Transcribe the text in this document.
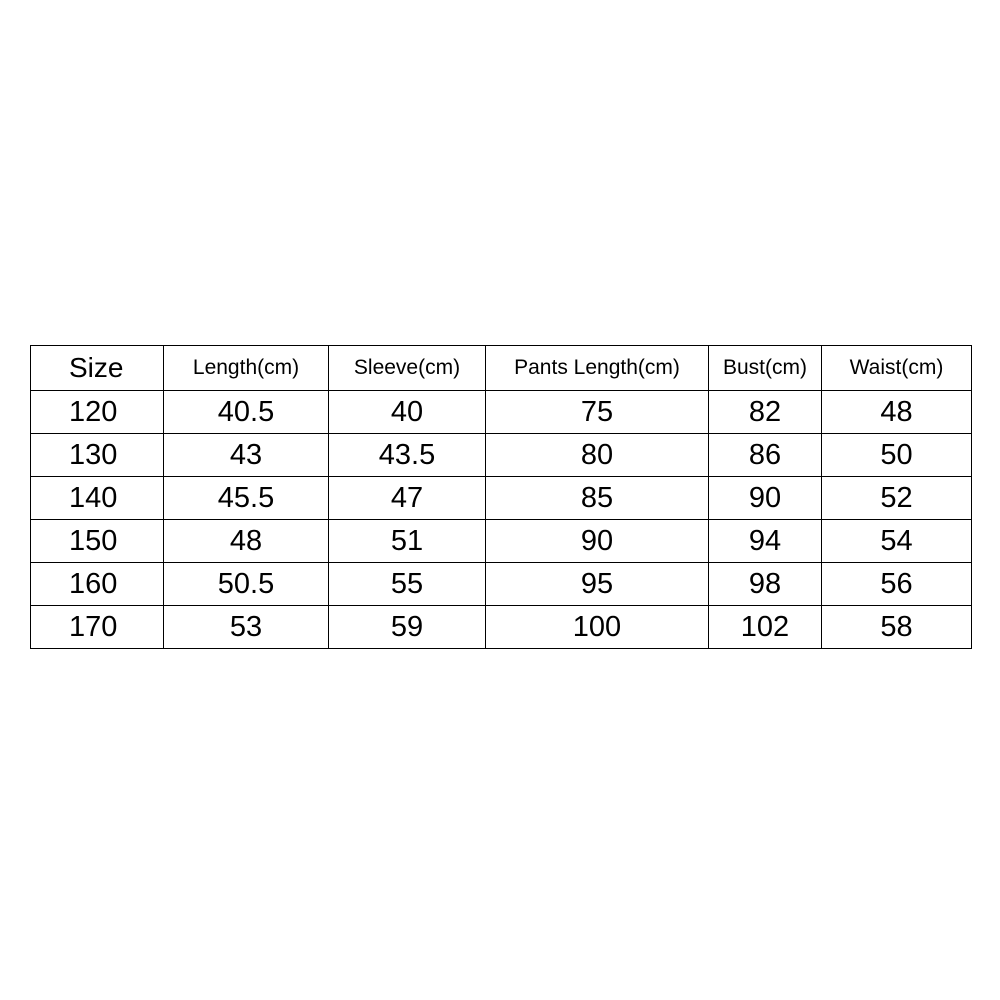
Size	Length(cm)	Sleeve(cm)	Pants Length(cm)	Bust(cm)	Waist(cm)
120	40.5	40	75	82	48
130	43	43.5	80	86	50
140	45.5	47	85	90	52
150	48	51	90	94	54
160	50.5	55	95	98	56
170	53	59	100	102	58
